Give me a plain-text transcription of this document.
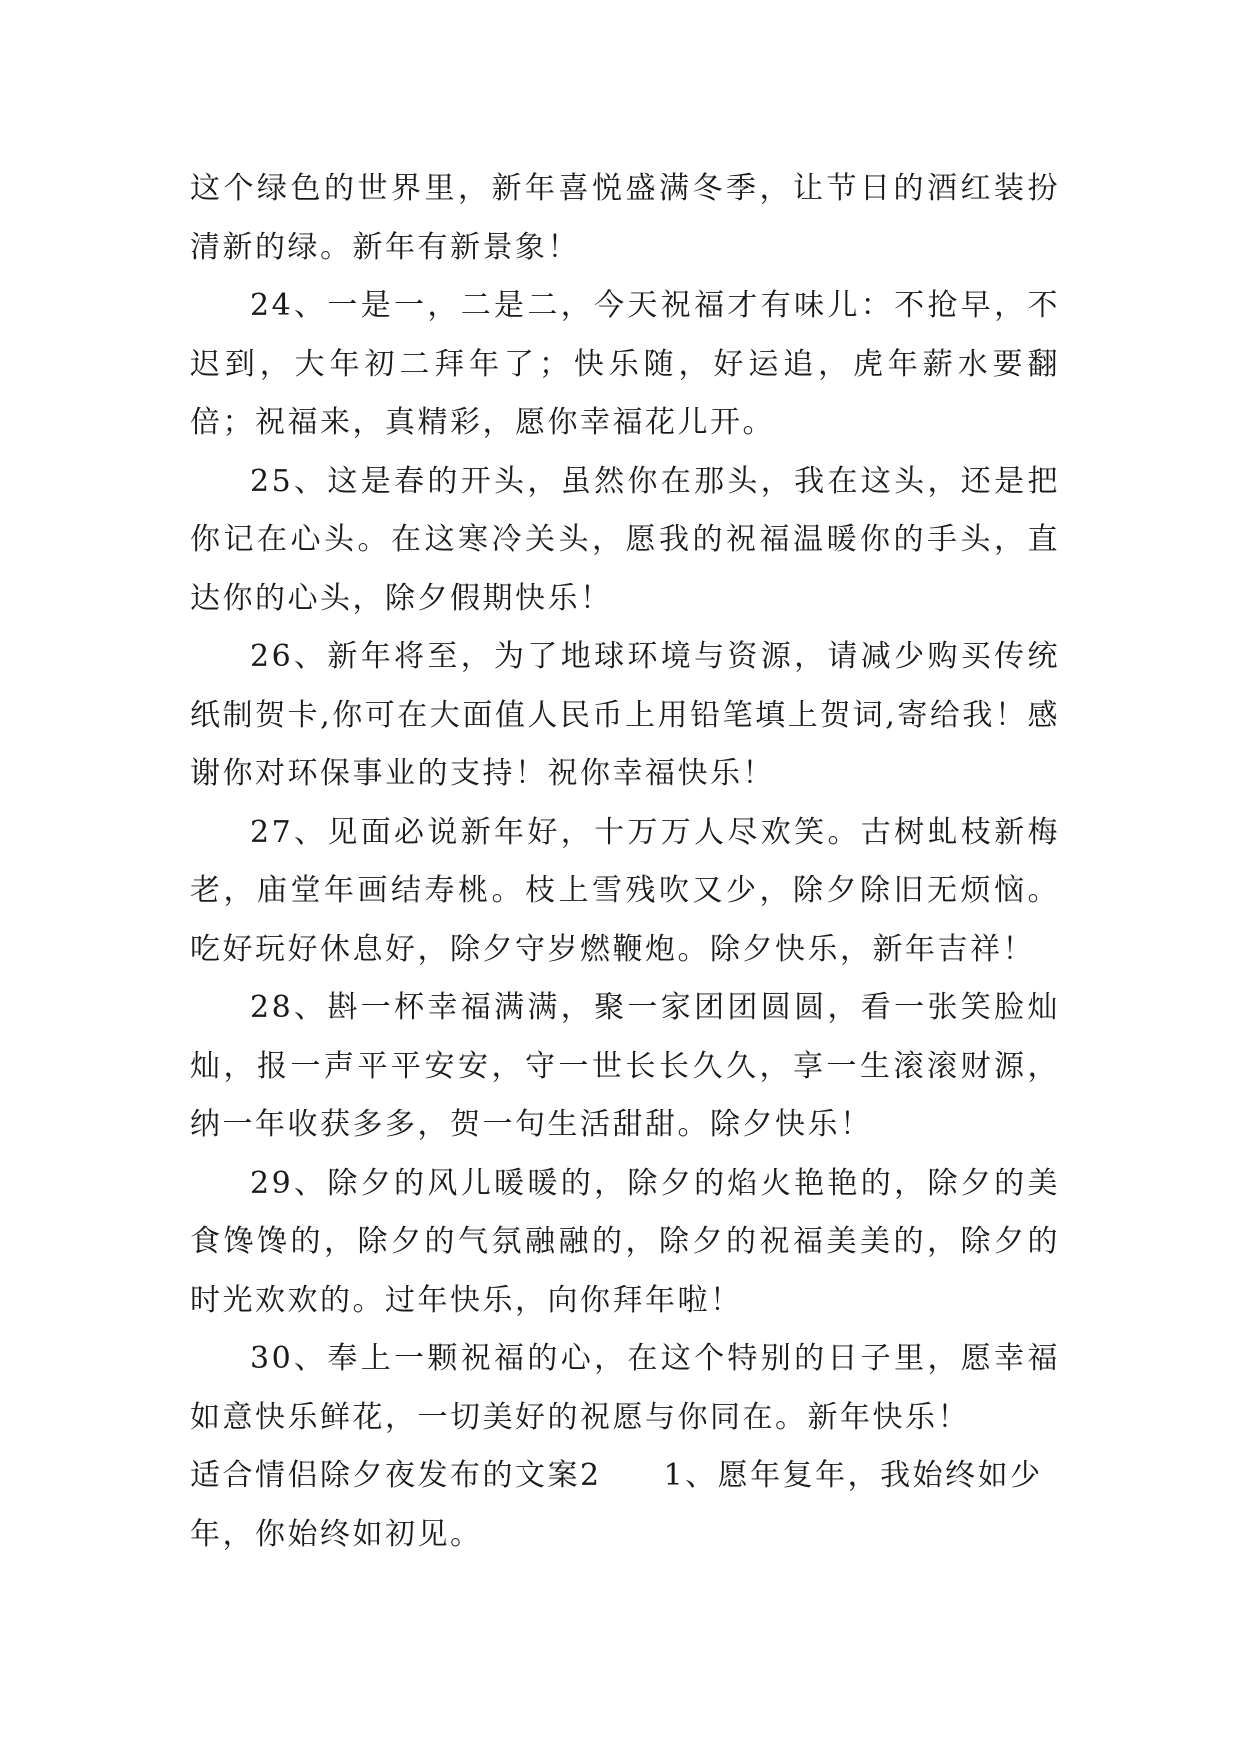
这个绿色的世界里，新年喜悦盛满冬季，让节日的酒红装扮清新的绿。新年有新景象！

24、一是一，二是二，今天祝福才有味儿：不抢早，不迟到，大年初二拜年了；快乐随，好运追，虎年薪水要翻倍；祝福来，真精彩，愿你幸福花儿开。

25、这是春的开头，虽然你在那头，我在这头，还是把你记在心头。在这寒冷关头，愿我的祝福温暖你的手头，直达你的心头，除夕假期快乐！

26、新年将至，为了地球环境与资源，请减少购买传统纸制贺卡,你可在大面值人民币上用铅笔填上贺词,寄给我！感谢你对环保事业的支持！祝你幸福快乐！

27、见面必说新年好，十万万人尽欢笑。古树虬枝新梅老，庙堂年画结寿桃。枝上雪残吹又少，除夕除旧无烦恼。吃好玩好休息好，除夕守岁燃鞭炮。除夕快乐，新年吉祥！

28、斟一杯幸福满满，聚一家团团圆圆，看一张笑脸灿灿，报一声平平安安，守一世长长久久，享一生滚滚财源，纳一年收获多多，贺一句生活甜甜。除夕快乐！

29、除夕的风儿暖暖的，除夕的焰火艳艳的，除夕的美食馋馋的，除夕的气氛融融的，除夕的祝福美美的，除夕的时光欢欢的。过年快乐，向你拜年啦！

30、奉上一颗祝福的心，在这个特别的日子里，愿幸福如意快乐鲜花，一切美好的祝愿与你同在。新年快乐！

适合情侣除夕夜发布的文案2 1、愿年复年，我始终如少

年，你始终如初见。
